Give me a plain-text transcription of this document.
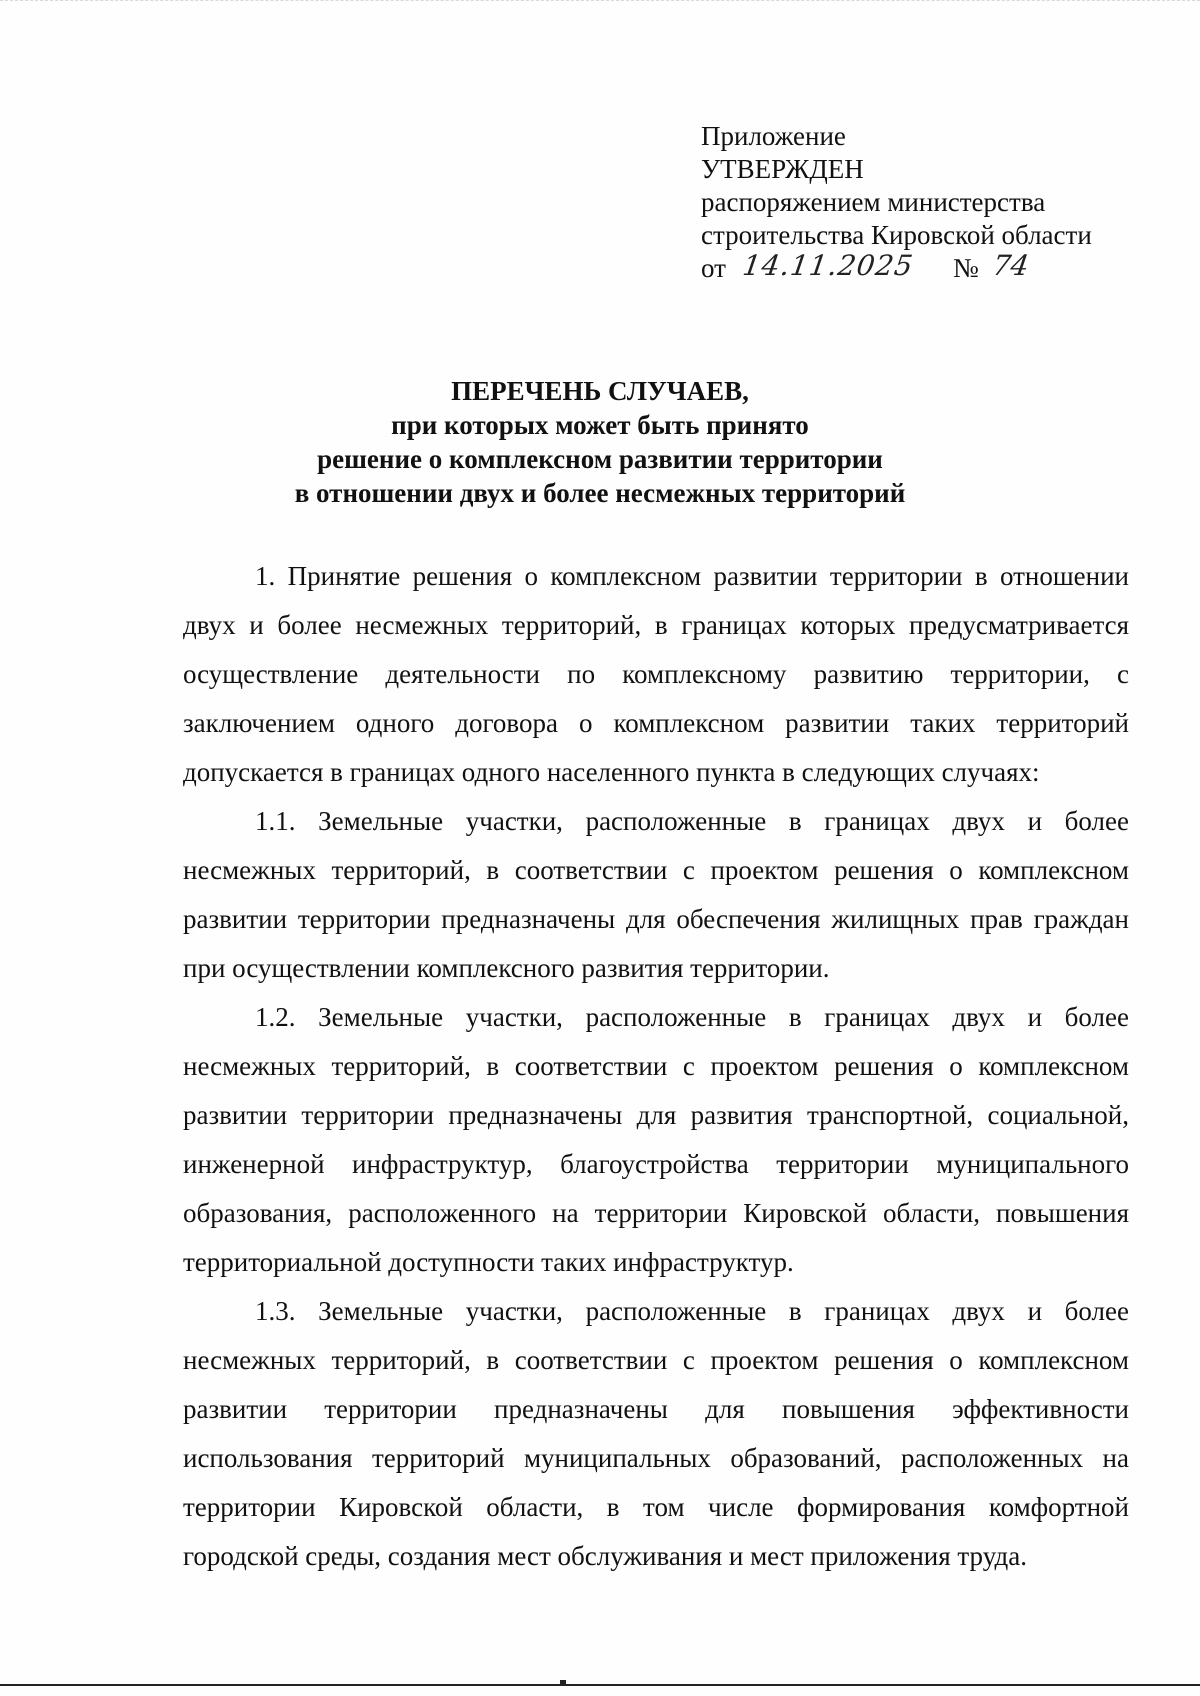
Приложение

УТВЕРЖДЕН

распоряжением министерства

строительства Кировской области

от 14.11.2025 № 74
ПЕРЕЧЕНЬ СЛУЧАЕВ,
при которых может быть принято
решение о комплексном развитии территории
в отношении двух и более несмежных территорий

1. Принятие решения о комплексном развитии территории в отношении двух и более несмежных территорий, в границах которых предусматривается осуществление деятельности по комплексному развитию территории, с заключением одного договора о комплексном развитии таких территорий допускается в границах одного населенного пункта в следующих случаях:

1.1. Земельные участки, расположенные в границах двух и более несмежных территорий, в соответствии с проектом решения о комплексном развитии территории предназначены для обеспечения жилищных прав граждан при осуществлении комплексного развития территории.

1.2. Земельные участки, расположенные в границах двух и более несмежных территорий, в соответствии с проектом решения о комплексном развитии территории предназначены для развития транспортной, социальной, инженерной инфраструктур, благоустройства территории муниципального образования, расположенного на территории Кировской области, повышения территориальной доступности таких инфраструктур.

1.3. Земельные участки, расположенные в границах двух и более несмежных территорий, в соответствии с проектом решения о комплексном развитии территории предназначены для повышения эффективности использования территорий муниципальных образований, расположенных на территории Кировской области, в том числе формирования комфортной городской среды, создания мест обслуживания и мест приложения труда.
